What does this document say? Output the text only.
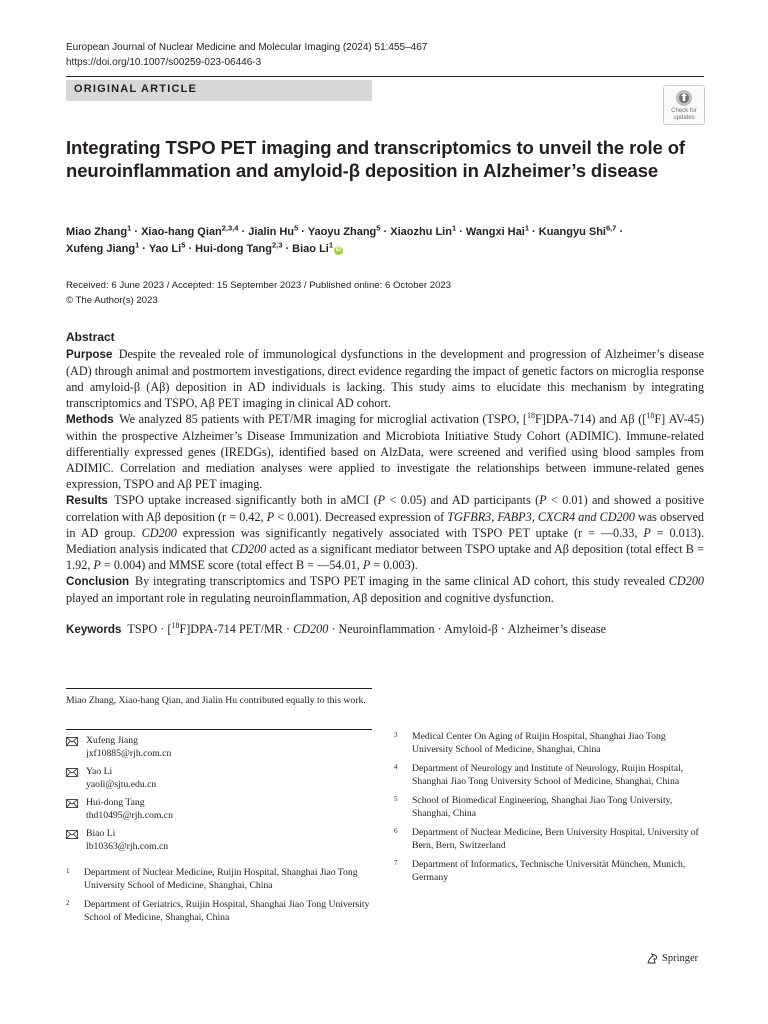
European Journal of Nuclear Medicine and Molecular Imaging (2024) 51:455–467
https://doi.org/10.1007/s00259-023-06446-3
ORIGINAL ARTICLE
Check for updates
Integrating TSPO PET imaging and transcriptomics to unveil the role of neuroinflammation and amyloid-β deposition in Alzheimer’s disease
Miao Zhang$^1$ · Xiao-hang Qian$^{2,3,4}$ · Jialin $Hu^5$ · Yaoyu Zhang$^5$ · Xiaozhu Lin$^1$ · Wangxi Hai$^1$ · Kuangyu Shi$^{6,7}$ ·
Xufeng Jiang$^1$ · Yao $Li^5$ · Hui-dong Tang$^{2,3}$ · Biao Li$^1$iD
Received: 6 June 2023 / Accepted: 15 September 2023 / Published online: 6 October 2023
© The Author(s) 2023
Abstract

Purpose Despite the revealed role of immunological dysfunctions in the development and progression of Alzheimer’s disease (AD) through animal and postmortem investigations, direct evidence regarding the impact of genetic factors on microglia response and amyloid-β (Aβ) deposition in AD individuals is lacking. This study aims to elucidate this mechanism by integrating transcriptomics and TSPO, Aβ PET imaging in clinical AD cohort.

Methods We analyzed 85 patients with PET/MR imaging for microglial activation (TSPO, [$^{18}$F]DPA-714) and Aβ ([$^{18}$F] AV-45) within the prospective Alzheimer’s Disease Immunization and Microbiota Initiative Study Cohort (ADIMIC). Immune-related differentially expressed genes (IREDGs), identified based on AlzData, were screened and verified using blood samples from ADIMIC. Correlation and mediation analyses were applied to investigate the relationships between immune-related genes expression, TSPO and Aβ PET imaging.

Results TSPO uptake increased significantly both in aMCI (P < 0.05) and AD participants (P < 0.01) and showed a positive correlation with Aβ deposition (r = 0.42, P < 0.001). Decreased expression of TGFBR3, FABP3, CXCR4 and CD200 was observed in AD group. CD200 expression was significantly negatively associated with TSPO PET uptake (r = —0.33, P = 0.013). Mediation analysis indicated that CD200 acted as a significant mediator between TSPO uptake and Aβ deposition (total effect B = 1.92, P = 0.004) and MMSE score (total effect B = —54.01, P = 0.003).

Conclusion By integrating transcriptomics and TSPO PET imaging in the same clinical AD cohort, this study revealed CD200 played an important role in regulating neuroinflammation, Aβ deposition and cognitive dysfunction.

Keywords TSPO · [$^{18}$F]DPA-714 PET/MR · CD200 · Neuroinflammation · Amyloid-β · Alzheimer’s disease
Miao Zhang, Xiao-hang Qian, and Jialin Hu contributed equally to this work.
Xufeng Jiang
jxf10885@rjh.com.cn
Yao Li
yaoli@sjtu.edu.cn
Hui-dong Tang
thd10495@rjh.com.cn
Biao Li
lb10363@rjh.com.cn
1	Department of Nuclear Medicine, Ruijin Hospital, Shanghai Jiao Tong University School of Medicine, Shanghai, China
2	Department of Geriatrics, Ruijin Hospital, Shanghai Jiao Tong University School of Medicine, Shanghai, China
3	Medical Center On Aging of Ruijin Hospital, Shanghai Jiao Tong University School of Medicine, Shanghai, China
4	Department of Neurology and Institute of Neurology, Ruijin Hospital, Shanghai Jiao Tong University School of Medicine, Shanghai, China
5	School of Biomedical Engineering, Shanghai Jiao Tong University, Shanghai, China
6	Department of Nuclear Medicine, Bern University Hospital, University of Bern, Bern, Switzerland
7	Department of Informatics, Technische Universität München, Munich, Germany
Springer
